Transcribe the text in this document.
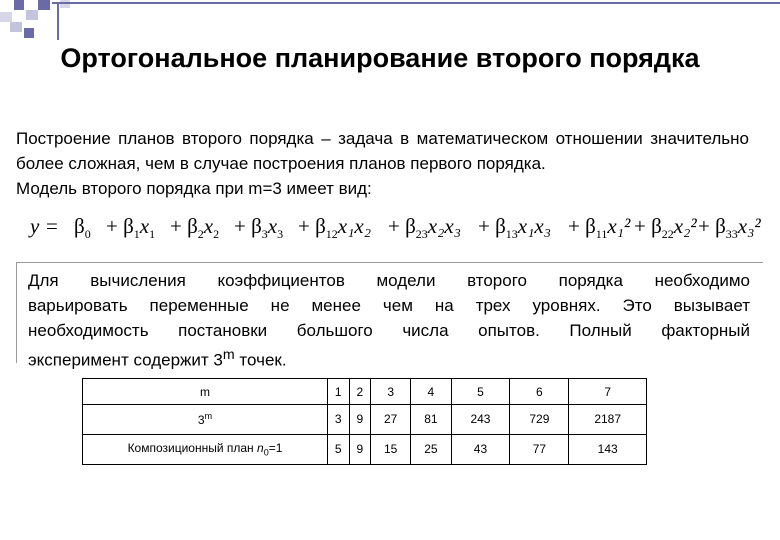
Ортогональное планирование второго порядка
Построение планов второго порядка – задача в математическом отношении значительно более сложная, чем в случае построения планов первого порядка.
Модель второго порядка при m=3 имеет вид:
$y = \beta_0 + \beta_1x_1 + \beta_2x_2 + \beta_3x_3 + \beta_{12}x_1x_2 + \beta_{23}x_2x_3 + \beta_{13}x_1x_3 + \beta_{11}x_1^2 + \beta_{22}x_2^2 + \beta_{33}x_3^2$
Для вычисления коэффициентов модели второго порядка необходимо
варьировать переменные не менее чем на трех уровнях. Это вызывает
необходимость постановки большого числа опытов. Полный факторный
эксперимент содержит 3$^m$ точек.
m	1	2	3	4	5	6	7
3$^m$	3	9	27	81	243	729	2187
Композиционный план $n_0=1$	5	9	15	25	43	77	143
